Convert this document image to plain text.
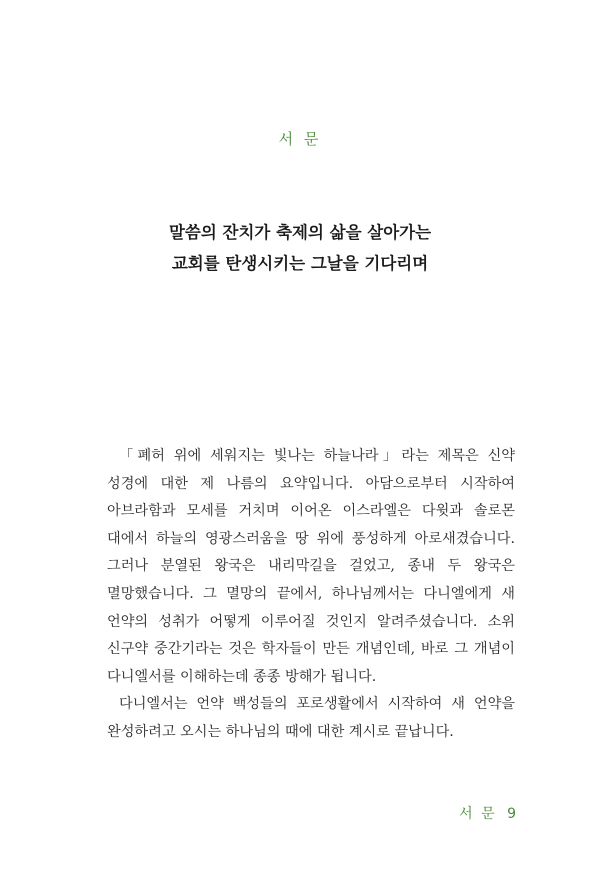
서 문
말씀의 잔치가 축제의 삶을 살아가는
교회를 탄생시키는 그날을 기다리며

「폐허 위에 세워지는 빛나는 하늘나라」라는 제목은 신약 성경에 대한 제 나름의 요약입니다. 아담으로부터 시작하여 아브라함과 모세를 거치며 이어온 이스라엘은 다윗과 솔로몬 대에서 하늘의 영광스러움을 땅 위에 풍성하게 아로새겼습니다. 그러나 분열된 왕국은 내리막길을 걸었고, 종내 두 왕국은 멸망했습니다. 그 멸망의 끝에서, 하나님께서는 다니엘에게 새 언약의 성취가 어떻게 이루어질 것인지 알려주셨습니다. 소위 신구약 중간기라는 것은 학자들이 만든 개념인데, 바로 그 개념이 다니엘서를 이해하는데 종종 방해가 됩니다.

다니엘서는 언약 백성들의 포로생활에서 시작하여 새 언약을 완성하려고 오시는 하나님의 때에 대한 계시로 끝납니다.

서 문 9
